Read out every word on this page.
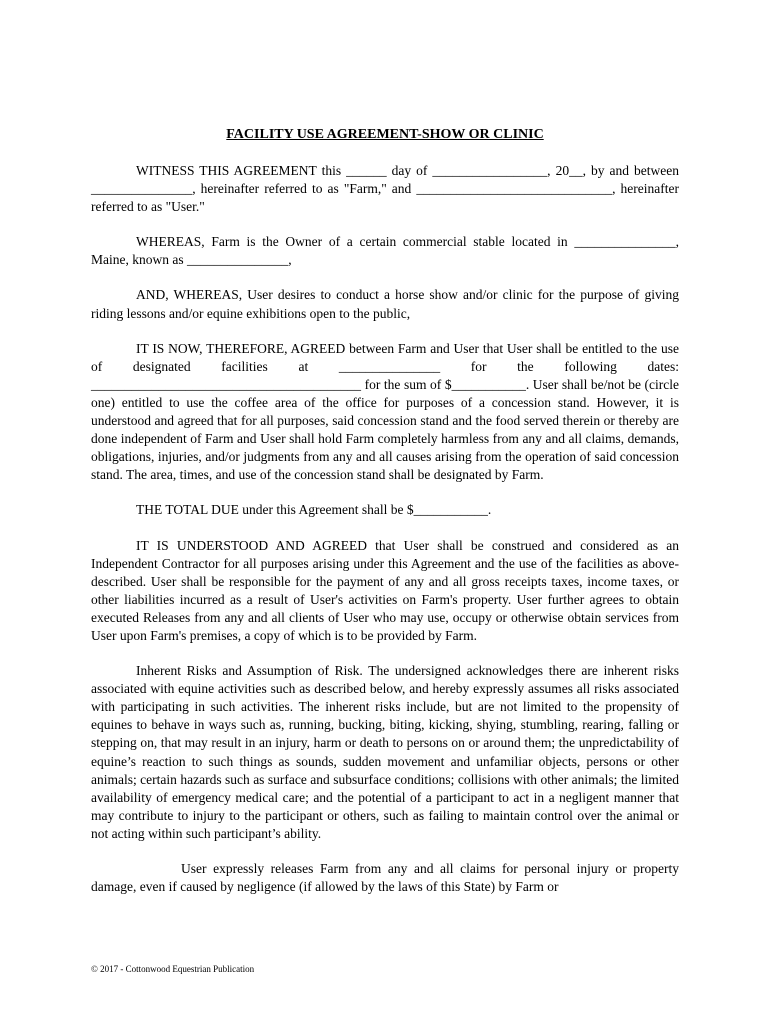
FACILITY USE AGREEMENT-SHOW OR CLINIC

WITNESS THIS AGREEMENT this ______ day of _________________, 20__, by and between _______________, hereinafter referred to as "Farm," and _____________________________, hereinafter referred to as "User."

WHEREAS, Farm is the Owner of a certain commercial stable located in _______________, Maine, known as _______________,

AND, WHEREAS, User desires to conduct a horse show and/or clinic for the purpose of giving riding lessons and/or equine exhibitions open to the public,

IT IS NOW, THEREFORE, AGREED between Farm and User that User shall be entitled to the use of designated facilities at _______________ for the following dates: ________________________________________ for the sum of $___________. User shall be/not be (circle one) entitled to use the coffee area of the office for purposes of a concession stand. However, it is understood and agreed that for all purposes, said concession stand and the food served therein or thereby are done independent of Farm and User shall hold Farm completely harmless from any and all claims, demands, obligations, injuries, and/or judgments from any and all causes arising from the operation of said concession stand. The area, times, and use of the concession stand shall be designated by Farm.

THE TOTAL DUE under this Agreement shall be $___________.

IT IS UNDERSTOOD AND AGREED that User shall be construed and considered as an Independent Contractor for all purposes arising under this Agreement and the use of the facilities as above-described. User shall be responsible for the payment of any and all gross receipts taxes, income taxes, or other liabilities incurred as a result of User's activities on Farm's property. User further agrees to obtain executed Releases from any and all clients of User who may use, occupy or otherwise obtain services from User upon Farm's premises, a copy of which is to be provided by Farm.

Inherent Risks and Assumption of Risk. The undersigned acknowledges there are inherent risks associated with equine activities such as described below, and hereby expressly assumes all risks associated with participating in such activities. The inherent risks include, but are not limited to the propensity of equines to behave in ways such as, running, bucking, biting, kicking, shying, stumbling, rearing, falling or stepping on, that may result in an injury, harm or death to persons on or around them; the unpredictability of equine’s reaction to such things as sounds, sudden movement and unfamiliar objects, persons or other animals; certain hazards such as surface and subsurface conditions; collisions with other animals; the limited availability of emergency medical care; and the potential of a participant to act in a negligent manner that may contribute to injury to the participant or others, such as failing to maintain control over the animal or not acting within such participant’s ability.

User expressly releases Farm from any and all claims for personal injury or property damage, even if caused by negligence (if allowed by the laws of this State) by Farm or

© 2017 - Cottonwood Equestrian Publication
